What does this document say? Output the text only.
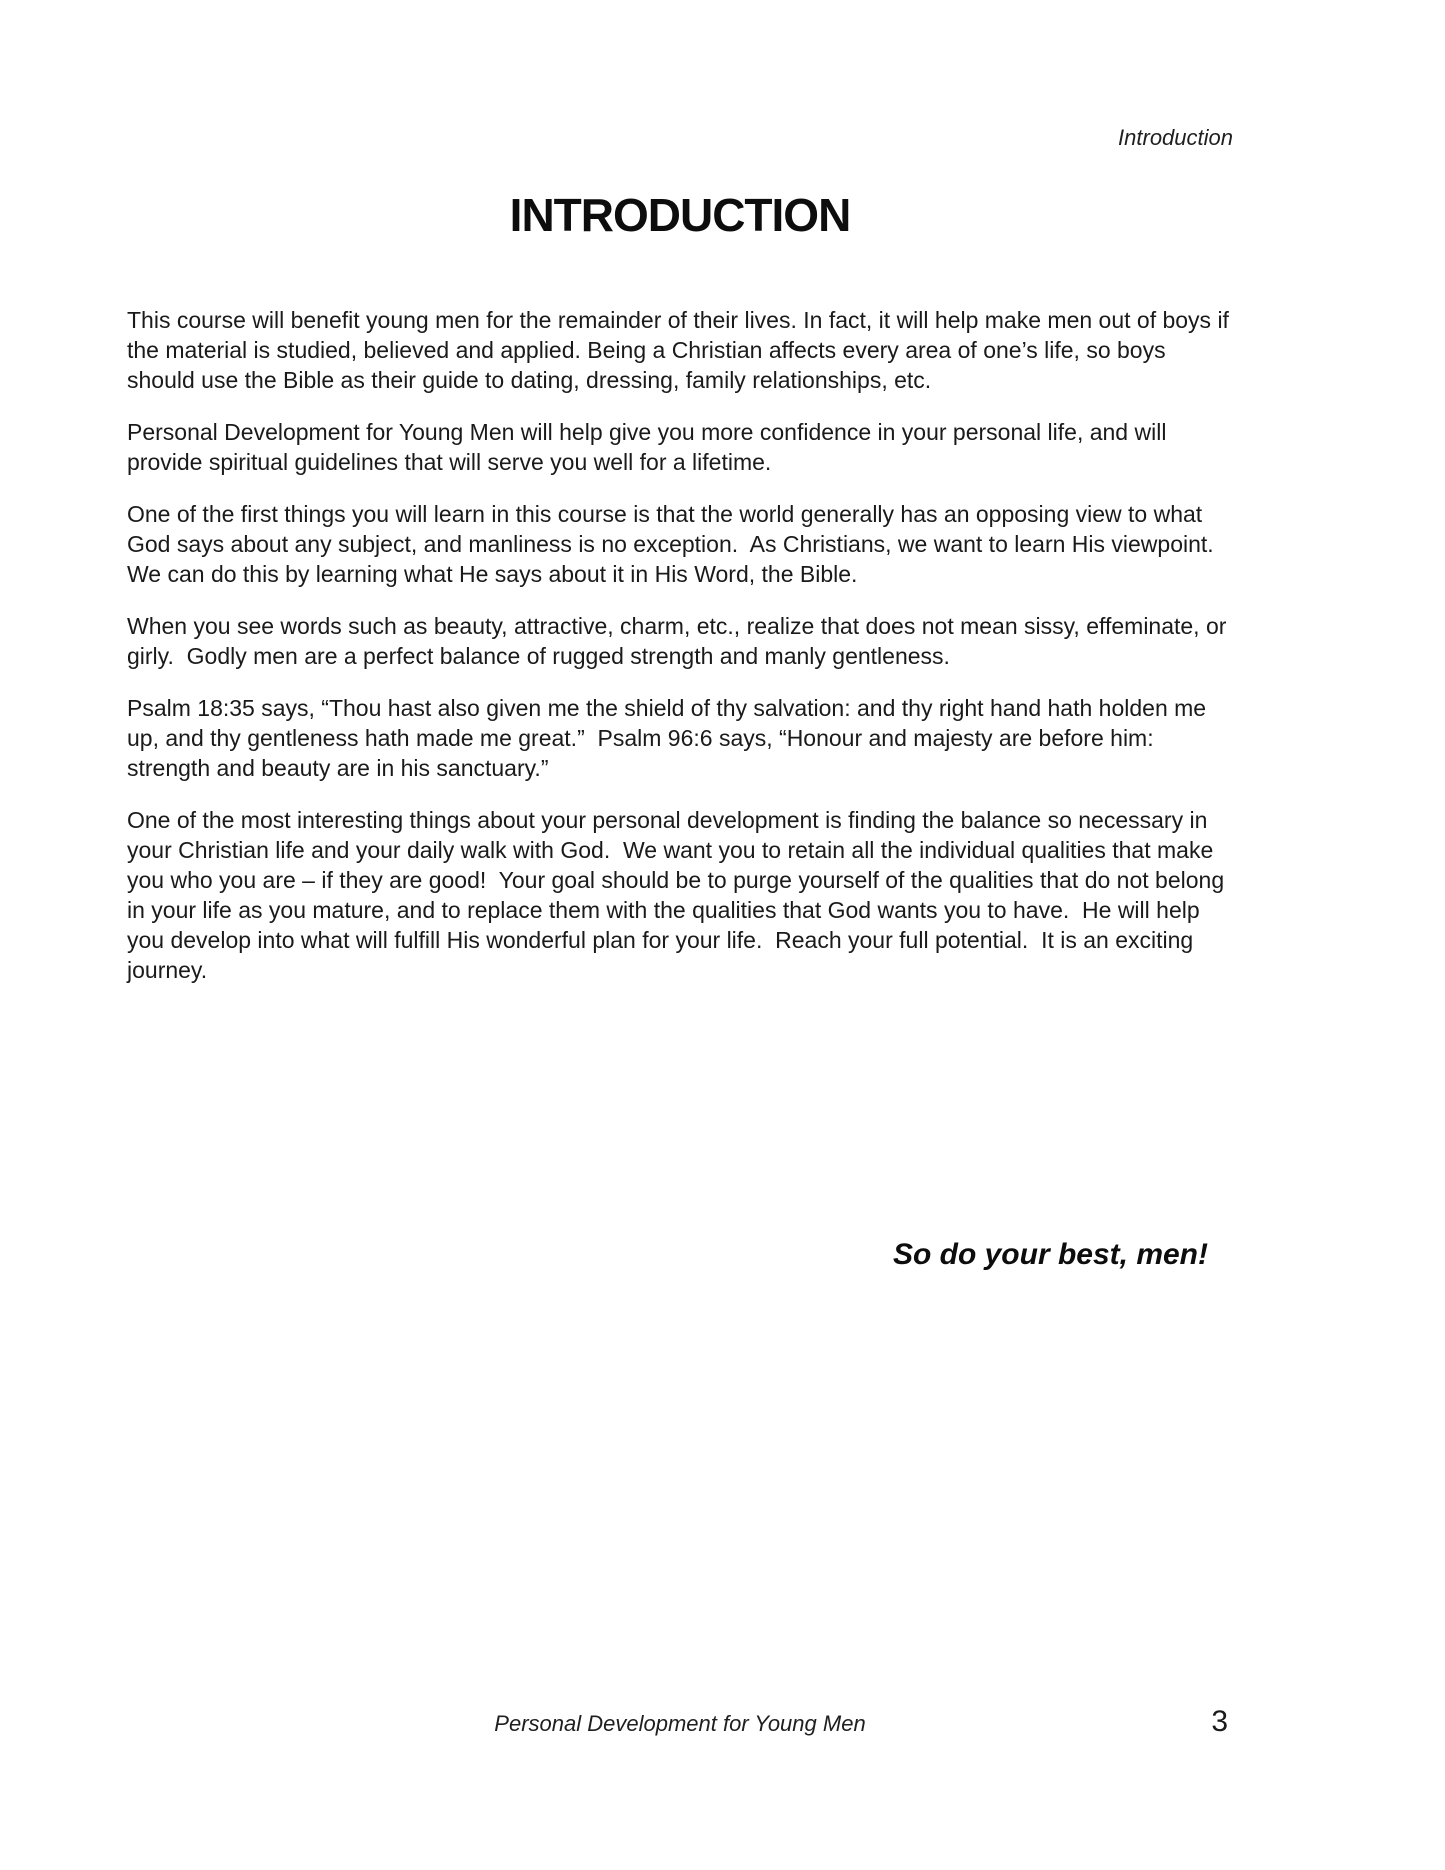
Introduction
INTRODUCTION

This course will benefit young men for the remainder of their lives. In fact, it will help make men out of boys if the material is studied, believed and applied. Being a Christian affects every area of one’s life, so boys should use the Bible as their guide to dating, dressing, family relationships, etc.

Personal Development for Young Men will help give you more confidence in your personal life, and will provide spiritual guidelines that will serve you well for a lifetime.

One of the first things you will learn in this course is that the world generally has an opposing view to what God says about any subject, and manliness is no exception.  As Christians, we want to learn His viewpoint.  We can do this by learning what He says about it in His Word, the Bible.

When you see words such as beauty, attractive, charm, etc., realize that does not mean sissy, effeminate, or girly.  Godly men are a perfect balance of rugged strength and manly gentleness.

Psalm 18:35 says, “Thou hast also given me the shield of thy salvation: and thy right hand hath holden me up, and thy gentleness hath made me great.”  Psalm 96:6 says, “Honour and majesty are before him: strength and beauty are in his sanctuary.”

One of the most interesting things about your personal development is finding the balance so necessary in your Christian life and your daily walk with God.  We want you to retain all the individual qualities that make you who you are – if they are good!  Your goal should be to purge yourself of the qualities that do not belong in your life as you mature, and to replace them with the qualities that God wants you to have.  He will help you develop into what will fulfill His wonderful plan for your life.  Reach your full potential.  It is an exciting journey.

So do your best, men!
Personal Development for Young Men	3
